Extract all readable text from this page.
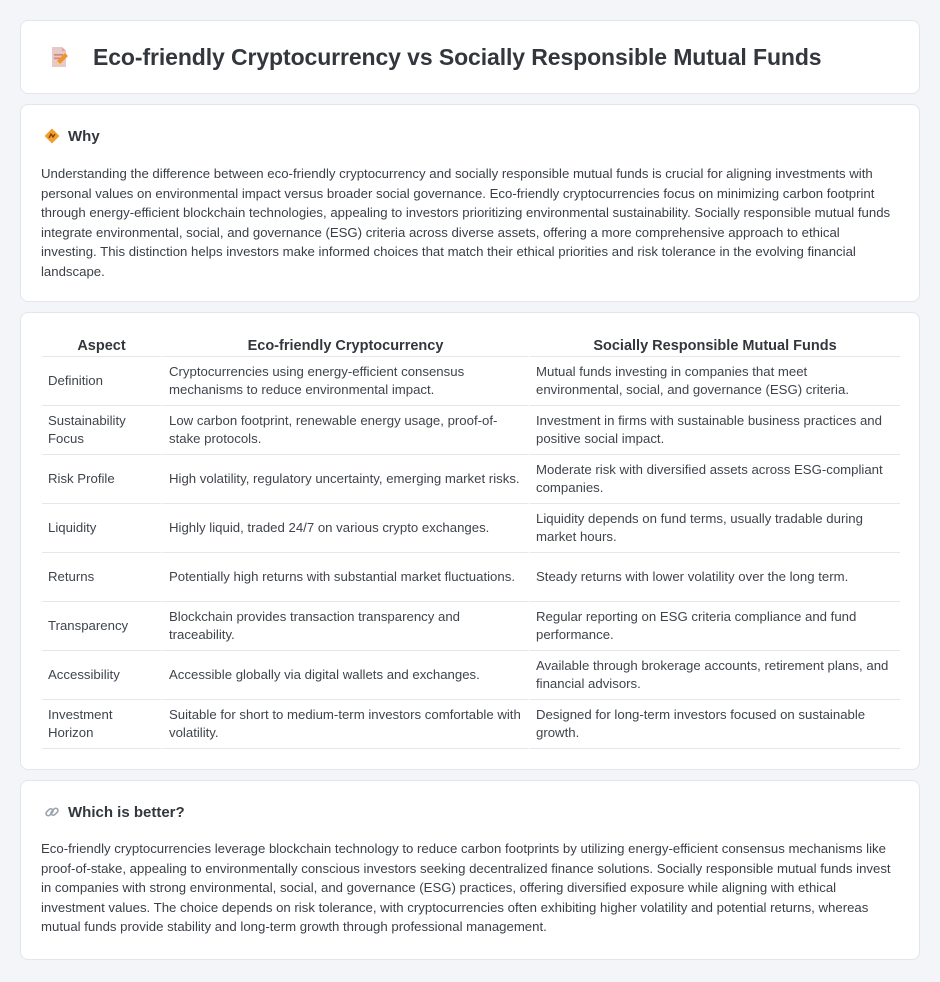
Eco-friendly Cryptocurrency vs Socially Responsible Mutual Funds
Why

Understanding the difference between eco-friendly cryptocurrency and socially responsible mutual funds is crucial for aligning investments with personal values on environmental impact versus broader social governance. Eco-friendly cryptocurrencies focus on minimizing carbon footprint through energy-efficient blockchain technologies, appealing to investors prioritizing environmental sustainability. Socially responsible mutual funds integrate environmental, social, and governance (ESG) criteria across diverse assets, offering a more comprehensive approach to ethical investing. This distinction helps investors make informed choices that match their ethical priorities and risk tolerance in the evolving financial landscape.

Aspect	Eco-friendly Cryptocurrency	Socially Responsible Mutual Funds
Definition	Cryptocurrencies using energy-efficient consensus mechanisms to reduce environmental impact.	Mutual funds investing in companies that meet environmental, social, and governance (ESG) criteria.
Sustainability Focus	Low carbon footprint, renewable energy usage, proof-of-stake protocols.	Investment in firms with sustainable business practices and positive social impact.
Risk Profile	High volatility, regulatory uncertainty, emerging market risks.	Moderate risk with diversified assets across ESG-compliant companies.
Liquidity	Highly liquid, traded 24/7 on various crypto exchanges.	Liquidity depends on fund terms, usually tradable during market hours.
Returns	Potentially high returns with substantial market fluctuations.	Steady returns with lower volatility over the long term.
Transparency	Blockchain provides transaction transparency and traceability.	Regular reporting on ESG criteria compliance and fund performance.
Accessibility	Accessible globally via digital wallets and exchanges.	Available through brokerage accounts, retirement plans, and financial advisors.
Investment Horizon	Suitable for short to medium-term investors comfortable with volatility.	Designed for long-term investors focused on sustainable growth.
Which is better?

Eco-friendly cryptocurrencies leverage blockchain technology to reduce carbon footprints by utilizing energy-efficient consensus mechanisms like proof-of-stake, appealing to environmentally conscious investors seeking decentralized finance solutions. Socially responsible mutual funds invest in companies with strong environmental, social, and governance (ESG) practices, offering diversified exposure while aligning with ethical investment values. The choice depends on risk tolerance, with cryptocurrencies often exhibiting higher volatility and potential returns, whereas mutual funds provide stability and long-term growth through professional management.
